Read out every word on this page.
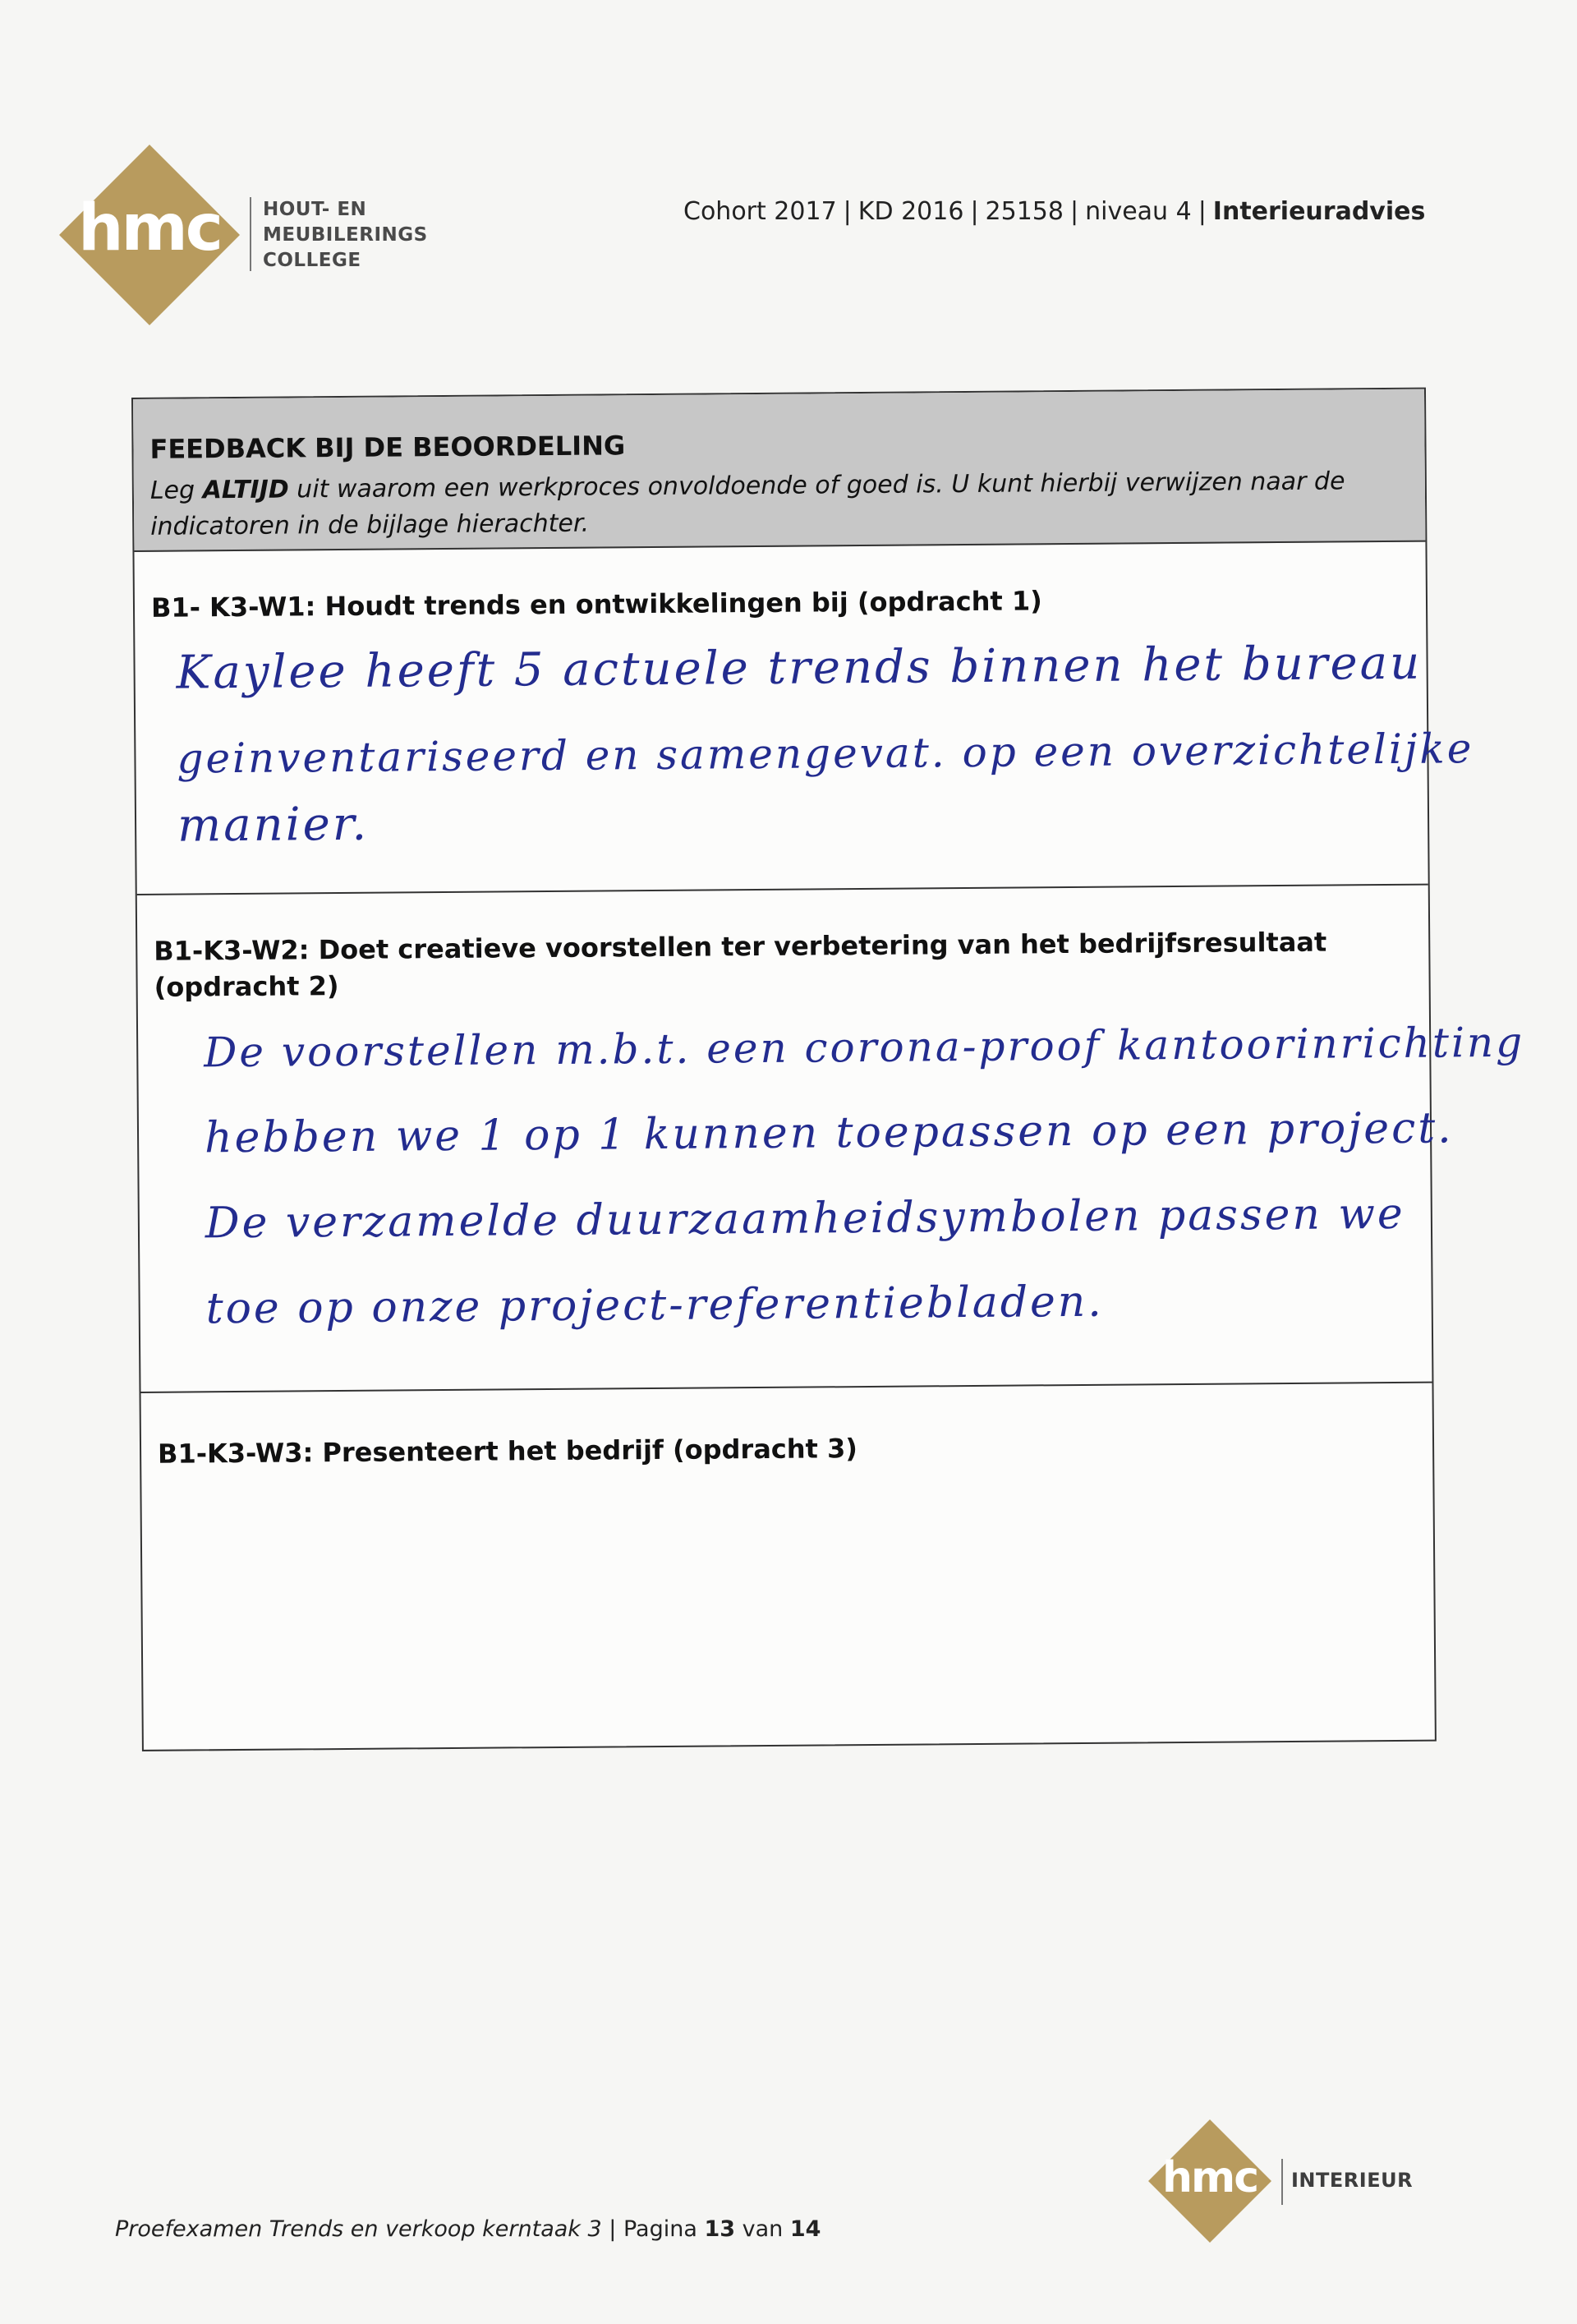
hmc HOUT- EN
MEUBILERINGS
COLLEGE
Cohort 2017 | KD 2016 | 25158 | niveau 4 | Interieuradvies
FEEDBACK BIJ DE BEOORDELING
Leg ALTIJD uit waarom een werkproces onvoldoende of goed is. U kunt hierbij verwijzen naar de indicatoren in de bijlage hierachter.
B1- K3-W1: Houdt trends en ontwikkelingen bij (opdracht 1)
Kaylee heeft 5 actuele trends binnen het bureau
geinventariseerd en samengevat. op een overzichtelijke
manier.
B1-K3-W2: Doet creatieve voorstellen ter verbetering van het bedrijfsresultaat (opdracht 2)
De voorstellen m.b.t. een corona-proof kantoorinrichting
hebben we 1 op 1 kunnen toepassen op een project.
De verzamelde duurzaamheidsymbolen passen we
toe op onze project-referentiebladen.
B1-K3-W3: Presenteert het bedrijf (opdracht 3)
Proefexamen Trends en verkoop kerntaak 3 | Pagina 13 van 14
hmc INTERIEUR
